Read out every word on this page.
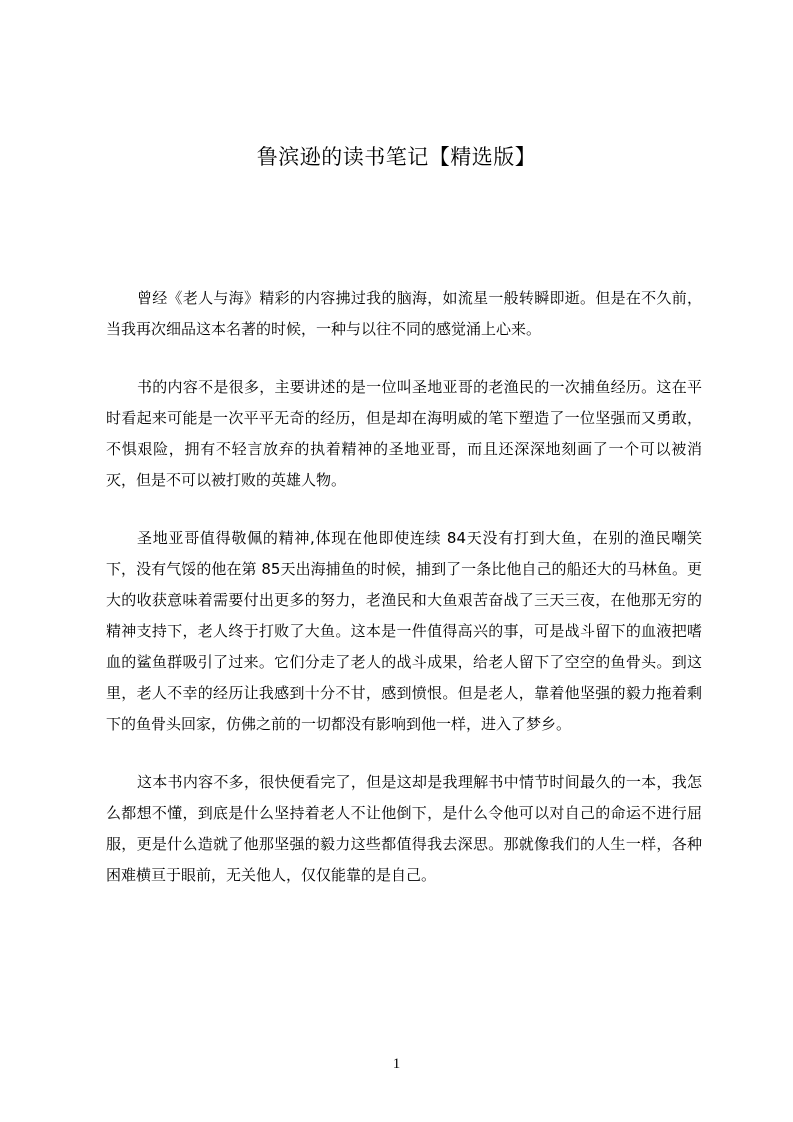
鲁滨逊的读书笔记【精选版】

曾经《老人与海》精彩的内容拂过我的脑海，如流星一般转瞬即逝。但是在不久前，当我再次细品这本名著的时候，一种与以往不同的感觉涌上心来。

书的内容不是很多，主要讲述的是一位叫圣地亚哥的老渔民的一次捕鱼经历。这在平时看起来可能是一次平平无奇的经历，但是却在海明威的笔下塑造了一位坚强而又勇敢，不惧艰险，拥有不轻言放弃的执着精神的圣地亚哥，而且还深深地刻画了一个可以被消灭，但是不可以被打败的英雄人物。

圣地亚哥值得敬佩的精神,体现在他即使连续 84天没有打到大鱼，在别的渔民嘲笑下，没有气馁的他在第 85天出海捕鱼的时候，捕到了一条比他自己的船还大的马林鱼。更大的收获意味着需要付出更多的努力，老渔民和大鱼艰苦奋战了三天三夜，在他那无穷的精神支持下，老人终于打败了大鱼。这本是一件值得高兴的事，可是战斗留下的血液把嗜血的鲨鱼群吸引了过来。它们分走了老人的战斗成果，给老人留下了空空的鱼骨头。到这里，老人不幸的经历让我感到十分不甘，感到愤恨。但是老人，靠着他坚强的毅力拖着剩下的鱼骨头回家，仿佛之前的一切都没有影响到他一样，进入了梦乡。

这本书内容不多，很快便看完了，但是这却是我理解书中情节时间最久的一本，我怎么都想不懂，到底是什么坚持着老人不让他倒下，是什么令他可以对自己的命运不进行屈服，更是什么造就了他那坚强的毅力这些都值得我去深思。那就像我们的人生一样，各种困难横亘于眼前，无关他人，仅仅能靠的是自己。

1
